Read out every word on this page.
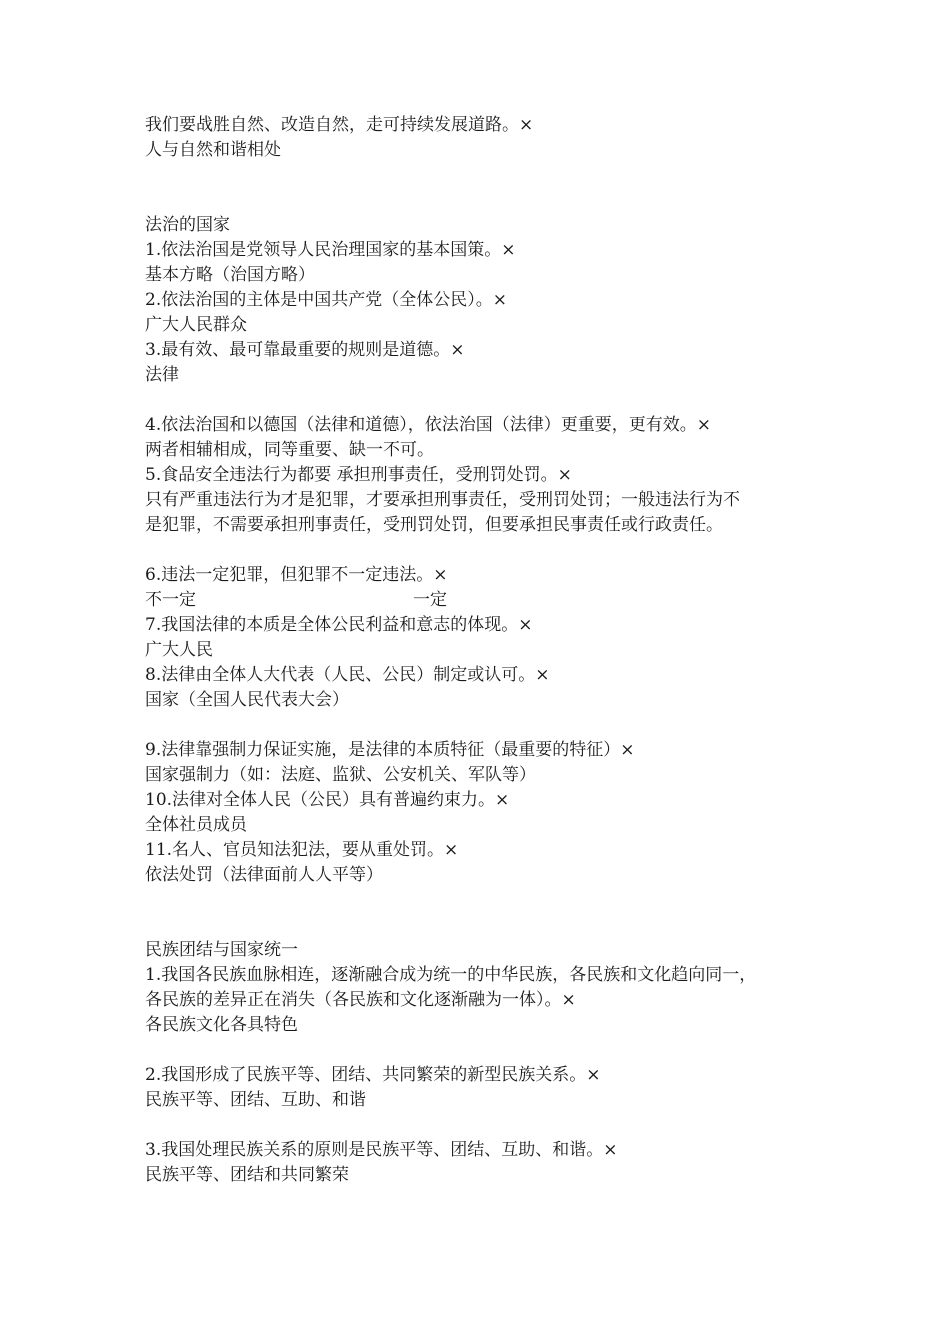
我们要战胜自然、改造自然，走可持续发展道路。×
人与自然和谐相处
法治的国家
1.依法治国是党领导人民治理国家的基本国策。×
基本方略（治国方略）
2.依法治国的主体是中国共产党（全体公民）。×
广大人民群众
3.最有效、最可靠最重要的规则是道德。×
法律
4.依法治国和以德国（法律和道德），依法治国（法律）更重要，更有效。×
两者相辅相成，同等重要、缺一不可。
5.食品安全违法行为都要 承担刑事责任，受刑罚处罚。×
只有严重违法行为才是犯罪，才要承担刑事责任，受刑罚处罚；一般违法行为不
是犯罪，不需要承担刑事责任，受刑罚处罚，但要承担民事责任或行政责任。
6.违法一定犯罪，但犯罪不一定违法。×
不一定	一定
7.我国法律的本质是全体公民利益和意志的体现。×
广大人民
8.法律由全体人大代表（人民、公民）制定或认可。×
国家（全国人民代表大会）
9.法律靠强制力保证实施，是法律的本质特征（最重要的特征）×
国家强制力（如：法庭、监狱、公安机关、军队等）
10.法律对全体人民（公民）具有普遍约束力。×
全体社员成员
11.名人、官员知法犯法，要从重处罚。×
依法处罚（法律面前人人平等）
民族团结与国家统一
1.我国各民族血脉相连，逐渐融合成为统一的中华民族，各民族和文化趋向同一，
各民族的差异正在消失（各民族和文化逐渐融为一体）。×
各民族文化各具特色
2.我国形成了民族平等、团结、共同繁荣的新型民族关系。×
民族平等、团结、互助、和谐
3.我国处理民族关系的原则是民族平等、团结、互助、和谐。×
民族平等、团结和共同繁荣
